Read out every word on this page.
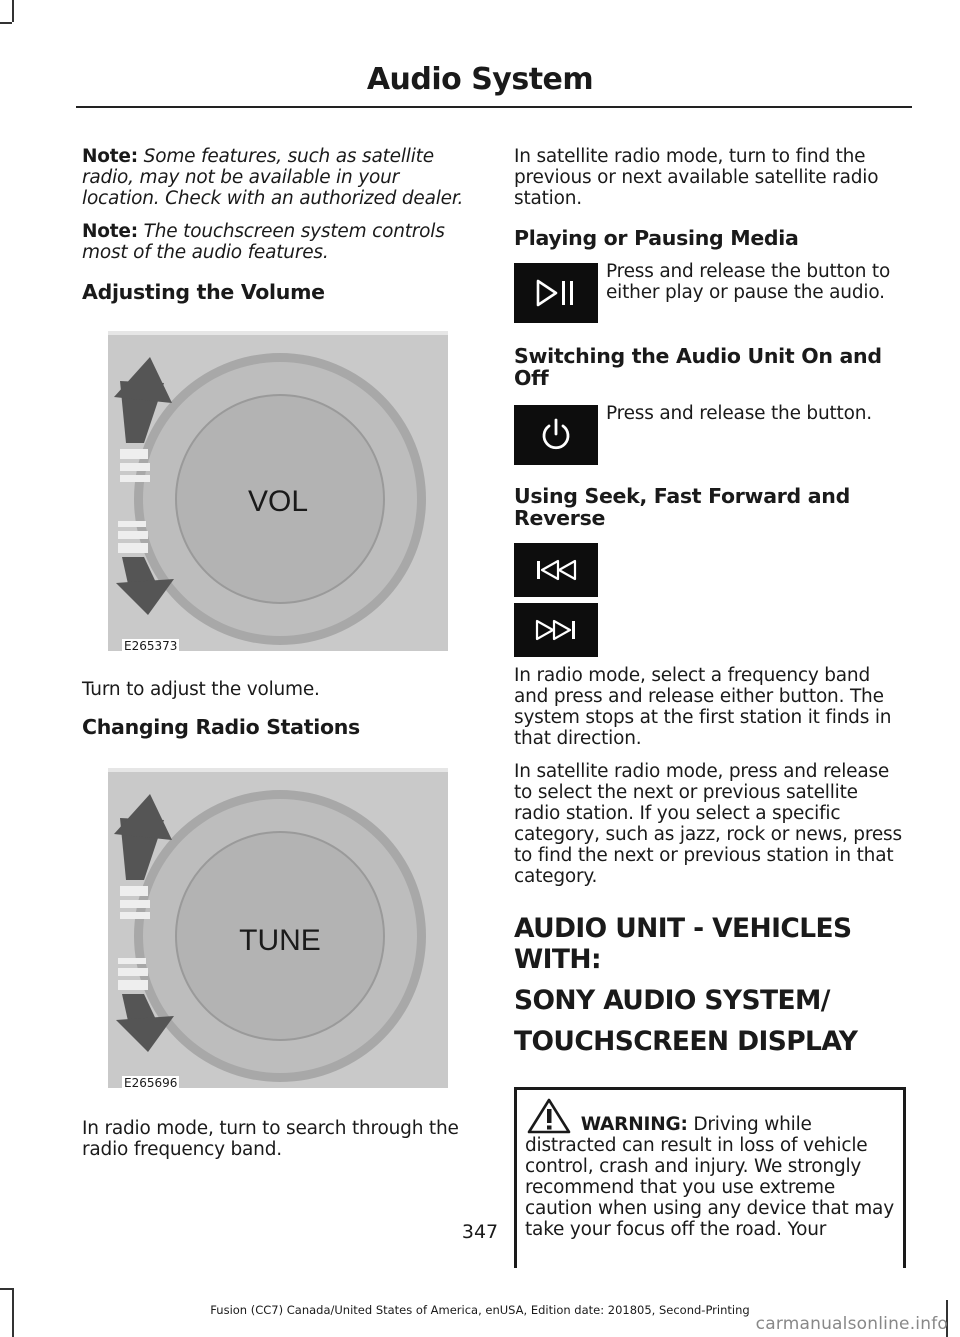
Audio System

Note: Some features, such as satellite radio, may not be available in your location. Check with an authorized dealer.

Note: The touchscreen system controls most of the audio features.

Adjusting the Volume
VOL
E265373

Turn to adjust the volume.

Changing Radio Stations
TUNE
E265696

In radio mode, turn to search through the radio frequency band.

In satellite radio mode, turn to find the previous or next available satellite radio station.

Playing or Pausing Media
Press and release the button to either play or pause the audio.
Switching the Audio Unit On and Off
Press and release the button.
Using Seek, Fast Forward and Reverse

In radio mode, select a frequency band and press and release either button. The system stops at the first station it finds in that direction.

In satellite radio mode, press and release to select the next or previous satellite radio station. If you select a specific category, such as jazz, rock or news, press to find the next or previous station in that category.

AUDIO UNIT - VEHICLES WITH:
SONY AUDIO SYSTEM/
TOUCHSCREEN DISPLAY

WARNING: Driving while distracted can result in loss of vehicle control, crash and injury. We strongly recommend that you use extreme caution when using any device that may take your focus off the road. Your

347
Fusion (CC7) Canada/United States of America, enUSA, Edition date: 201805, Second-Printing
carmanualsonline.info
